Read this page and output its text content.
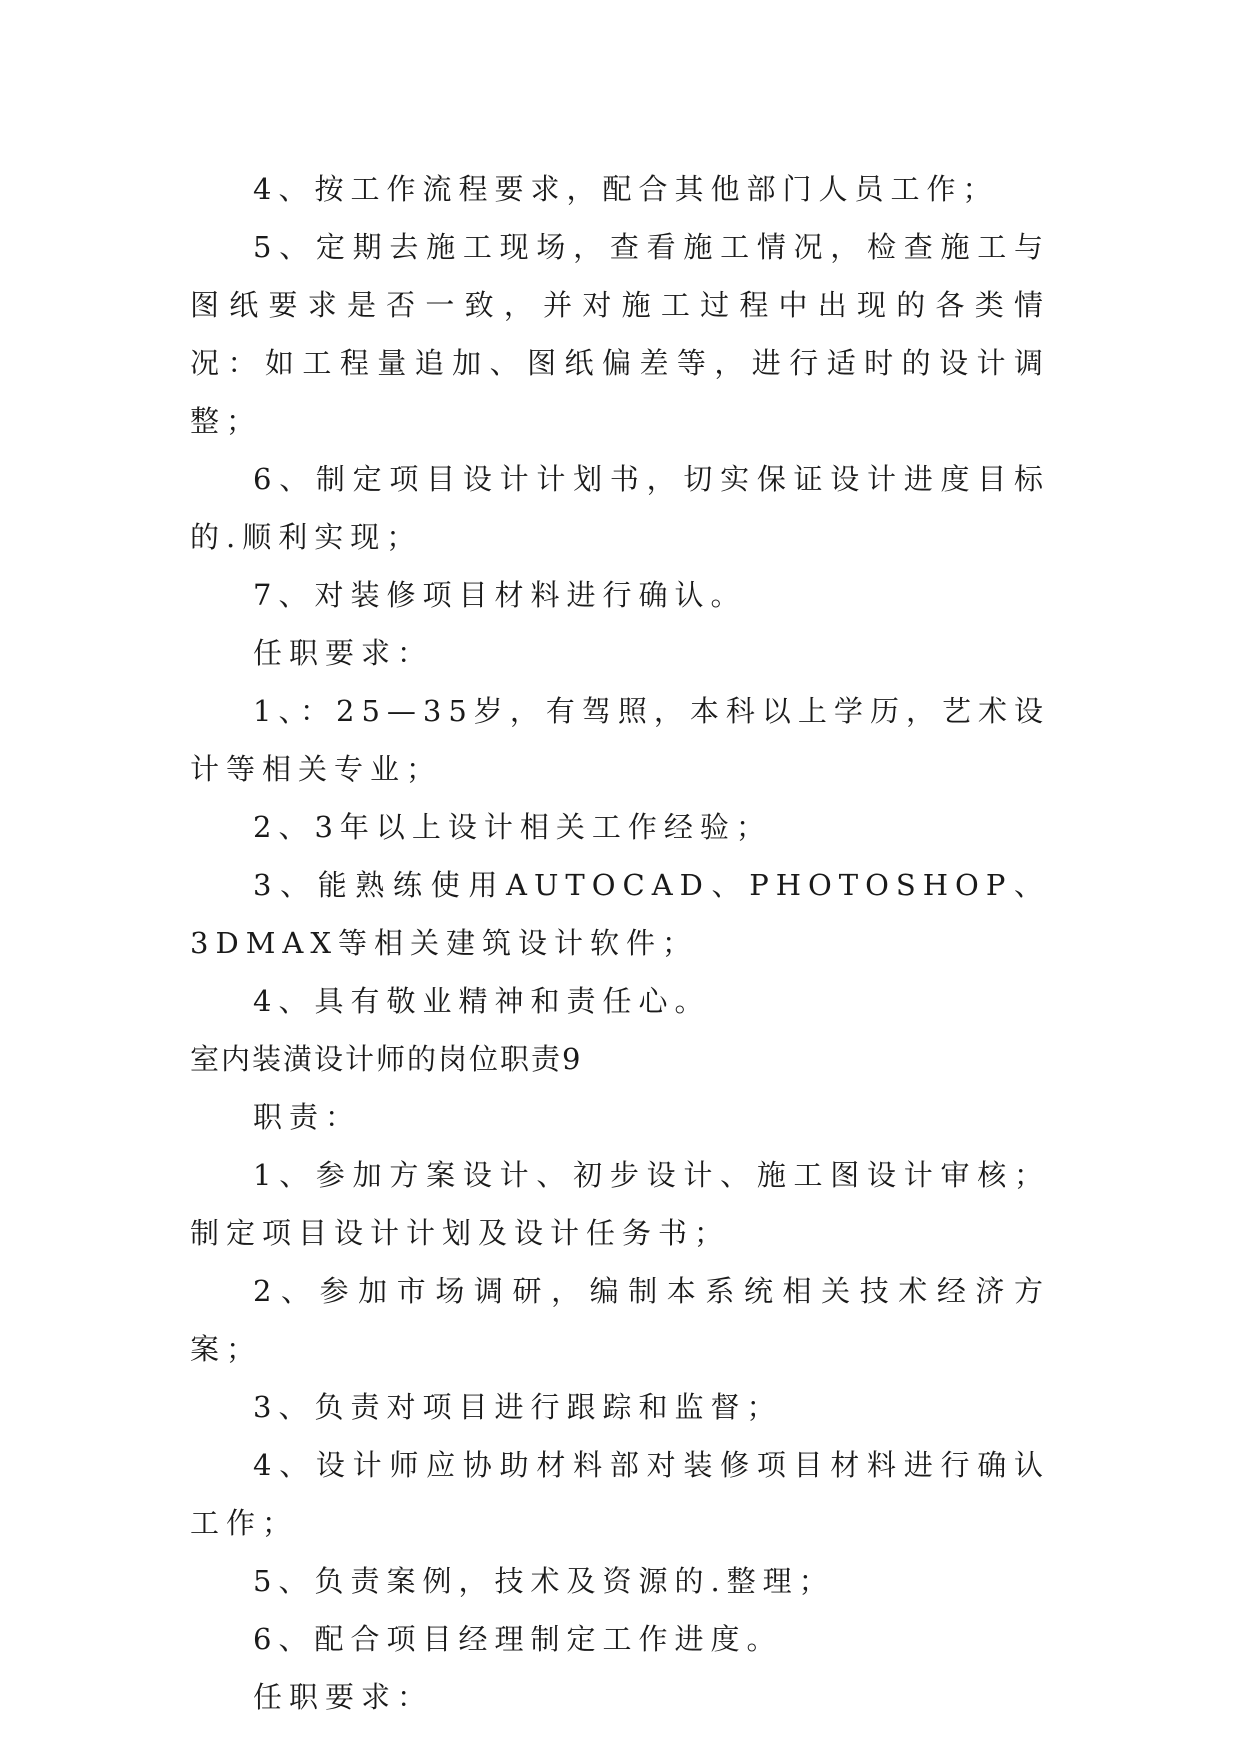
4、按工作流程要求，配合其他部门人员工作；

5、定期去施工现场，查看施工情况，检查施工与图纸要求是否一致，并对施工过程中出现的各类情况：如工程量追加、图纸偏差等，进行适时的设计调整；

6、制定项目设计计划书，切实保证设计进度目标的.顺利实现；

7、对装修项目材料进行确认。

任职要求：

1、：25—35岁，有驾照，本科以上学历，艺术设计等相关专业；

2、3年以上设计相关工作经验；

3、能熟练使用AUTOCAD、PHOTOSHOP、3DMAX等相关建筑设计软件；

4、具有敬业精神和责任心。

室内装潢设计师的岗位职责9

职责：

1、参加方案设计、初步设计、施工图设计审核；制定项目设计计划及设计任务书；

2、参加市场调研，编制本系统相关技术经济方案；

3、负责对项目进行跟踪和监督；

4、设计师应协助材料部对装修项目材料进行确认工作；

5、负责案例，技术及资源的.整理；

6、配合项目经理制定工作进度。

任职要求：
